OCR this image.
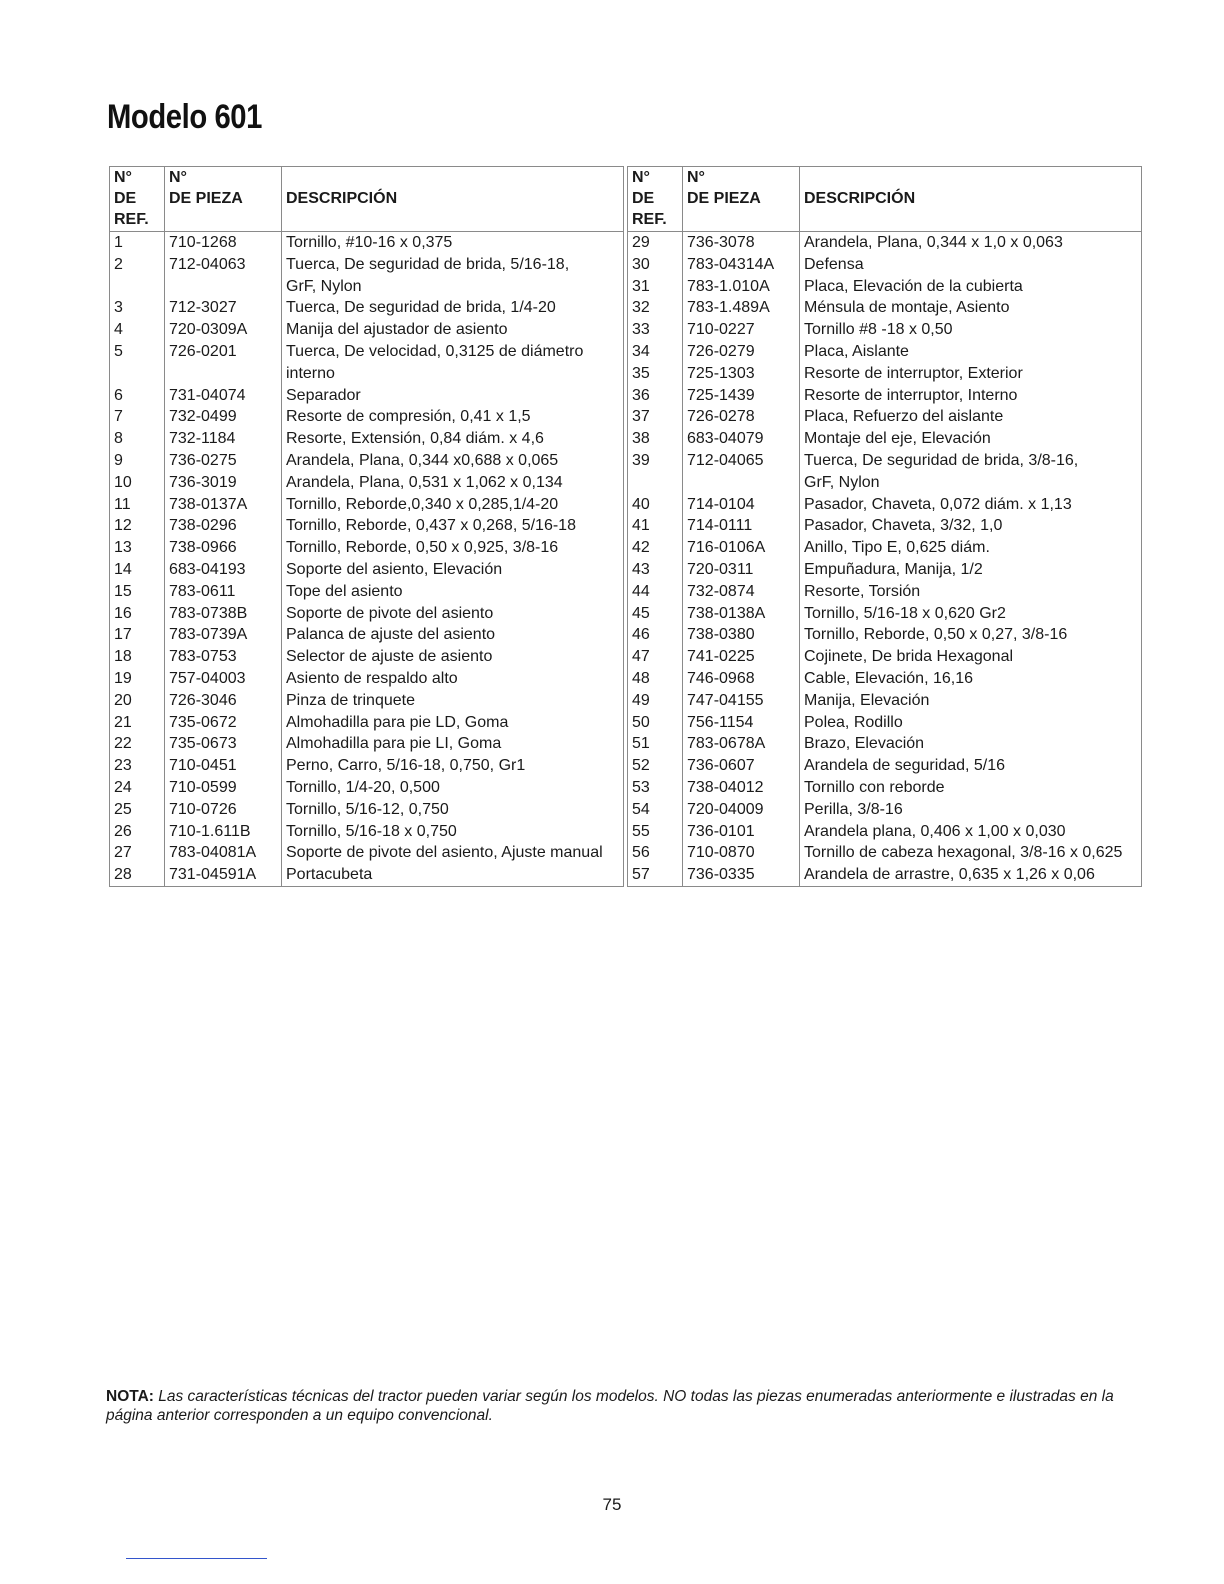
Modelo 601
N°
DE
REF.	N°
DE PIEZA	DESCRIPCIÓN

1	710-1268	Tornillo, #10-16 x 0,375
2	712-04063	Tuerca, De seguridad de brida, 5/16-18,
		GrF, Nylon
3	712-3027	Tuerca, De seguridad de brida, 1/4-20
4	720-0309A	Manija del ajustador de asiento
5	726-0201	Tuerca, De velocidad, 0,3125 de diámetro
		interno
6	731-04074	Separador
7	732-0499	Resorte de compresión, 0,41 x 1,5
8	732-1184	Resorte, Extensión, 0,84 diám. x 4,6
9	736-0275	Arandela, Plana, 0,344 x0,688 x 0,065
10	736-3019	Arandela, Plana, 0,531 x 1,062 x 0,134
11	738-0137A	Tornillo, Reborde,0,340 x 0,285,1/4-20
12	738-0296	Tornillo, Reborde, 0,437 x 0,268, 5/16-18
13	738-0966	Tornillo, Reborde, 0,50 x 0,925, 3/8-16
14	683-04193	Soporte del asiento, Elevación
15	783-0611	Tope del asiento
16	783-0738B	Soporte de pivote del asiento
17	783-0739A	Palanca de ajuste del asiento
18	783-0753	Selector de ajuste de asiento
19	757-04003	Asiento de respaldo alto
20	726-3046	Pinza de trinquete
21	735-0672	Almohadilla para pie LD, Goma
22	735-0673	Almohadilla para pie LI, Goma
23	710-0451	Perno, Carro, 5/16-18, 0,750, Gr1
24	710-0599	Tornillo, 1/4-20, 0,500
25	710-0726	Tornillo, 5/16-12, 0,750
26	710-1.611B	Tornillo, 5/16-18 x 0,750
27	783-04081A	Soporte de pivote del asiento, Ajuste manual
28	731-04591A	Portacubeta
N°
DE
REF.	N°
DE PIEZA	DESCRIPCIÓN

29	736-3078	Arandela, Plana, 0,344 x 1,0 x 0,063
30	783-04314A	Defensa
31	783-1.010A	Placa, Elevación de la cubierta
32	783-1.489A	Ménsula de montaje, Asiento
33	710-0227	Tornillo #8 -18 x 0,50
34	726-0279	Placa, Aislante
35	725-1303	Resorte de interruptor, Exterior
36	725-1439	Resorte de interruptor, Interno
37	726-0278	Placa, Refuerzo del aislante
38	683-04079	Montaje del eje, Elevación
39	712-04065	Tuerca, De seguridad de brida, 3/8-16,
		GrF, Nylon
40	714-0104	Pasador, Chaveta, 0,072 diám. x 1,13
41	714-0111	Pasador, Chaveta, 3/32, 1,0
42	716-0106A	Anillo, Tipo E, 0,625 diám.
43	720-0311	Empuñadura, Manija, 1/2
44	732-0874	Resorte, Torsión
45	738-0138A	Tornillo, 5/16-18 x 0,620 Gr2
46	738-0380	Tornillo, Reborde, 0,50 x 0,27, 3/8-16
47	741-0225	Cojinete, De brida Hexagonal
48	746-0968	Cable, Elevación, 16,16
49	747-04155	Manija, Elevación
50	756-1154	Polea, Rodillo
51	783-0678A	Brazo, Elevación
52	736-0607	Arandela de seguridad, 5/16
53	738-04012	Tornillo con reborde
54	720-04009	Perilla, 3/8-16
55	736-0101	Arandela plana, 0,406 x 1,00 x 0,030
56	710-0870	Tornillo de cabeza hexagonal, 3/8-16 x 0,625
57	736-0335	Arandela de arrastre, 0,635 x 1,26 x 0,06

NOTA: Las características técnicas del tractor pueden variar según los modelos. NO todas las piezas enumeradas anteriormente e ilustradas en la página anterior corresponden a un equipo convencional.

75
